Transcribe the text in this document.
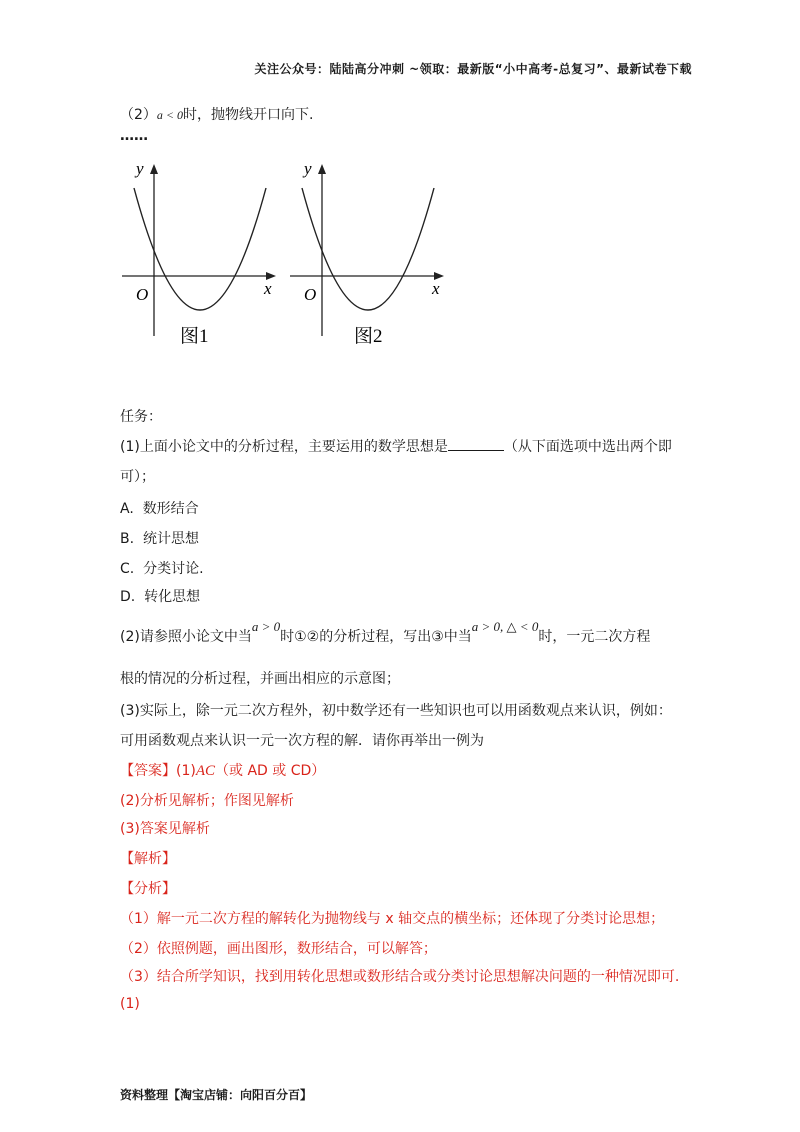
关注公众号：陆陆高分冲刺 ~领取：最新版“小中高考-总复习”、最新试卷下载
（2）a < 0时，抛物线开口向下.
……
y
x
O
图1
y
x
O
图2
任务：
(1)上面小论文中的分析过程，主要运用的数学思想是	（从下面选项中选出两个即
可）；
A. 数形结合
B. 统计思想
C. 分类讨论.
D. 转化思想
(2)请参照小论文中当a > 0时①②的分析过程，写出③中当a > 0, △ < 0时，一元二次方程
根的情况的分析过程，并画出相应的示意图；
(3)实际上，除一元二次方程外，初中数学还有一些知识也可以用函数观点来认识，例如：
可用函数观点来认识一元一次方程的解．请你再举出一例为
【答案】(1)AC（或 AD 或 CD）
(2)分析见解析；作图见解析
(3)答案见解析
【解析】
【分析】
（1）解一元二次方程的解转化为抛物线与 x 轴交点的横坐标；还体现了分类讨论思想；
（2）依照例题，画出图形，数形结合，可以解答；
（3）结合所学知识，找到用转化思想或数形结合或分类讨论思想解决问题的一种情况即可.
(1)
资料整理【淘宝店铺：向阳百分百】
